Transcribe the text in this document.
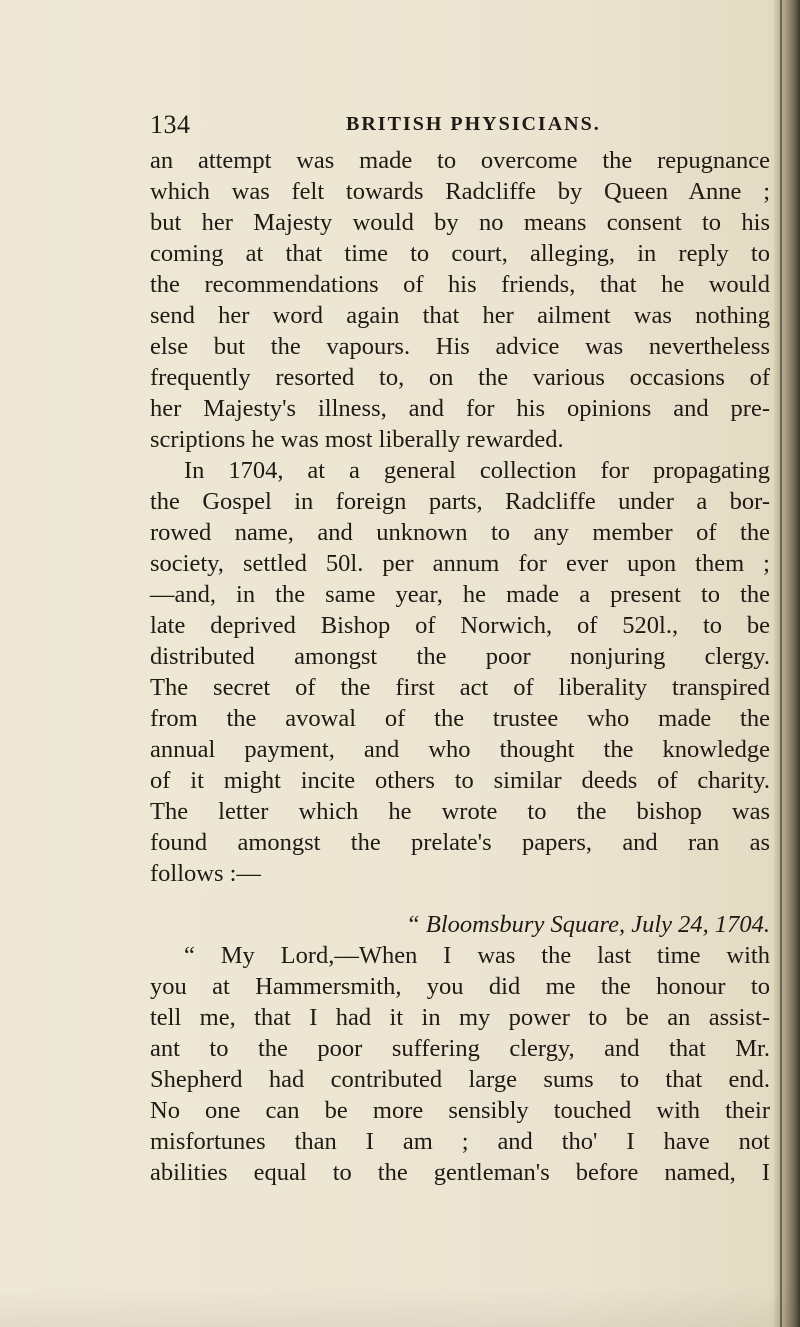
134	BRITISH PHYSICIANS.
an attempt was made to overcome the repugnance
which was felt towards Radcliffe by Queen Anne ;
but her Majesty would by no means consent to his
coming at that time to court, alleging, in reply to
the recommendations of his friends, that he would
send her word again that her ailment was nothing
else but the vapours. His advice was nevertheless
frequently resorted to, on the various occasions of
her Majesty's illness, and for his opinions and pre-
scriptions he was most liberally rewarded.
In 1704, at a general collection for propagating
the Gospel in foreign parts, Radcliffe under a bor-
rowed name, and unknown to any member of the
society, settled 50l. per annum for ever upon them ;
—and, in the same year, he made a present to the
late deprived Bishop of Norwich, of 520l., to be
distributed amongst the poor nonjuring clergy.
The secret of the first act of liberality transpired
from the avowal of the trustee who made the
annual payment, and who thought the knowledge
of it might incite others to similar deeds of charity.
The letter which he wrote to the bishop was
found amongst the prelate's papers, and ran as
follows :—
“ Bloomsbury Square, July 24, 1704.
“ My Lord,—When I was the last time with
you at Hammersmith, you did me the honour to
tell me, that I had it in my power to be an assist-
ant to the poor suffering clergy, and that Mr.
Shepherd had contributed large sums to that end.
No one can be more sensibly touched with their
misfortunes than I am ; and tho' I have not
abilities equal to the gentleman's before named, I
